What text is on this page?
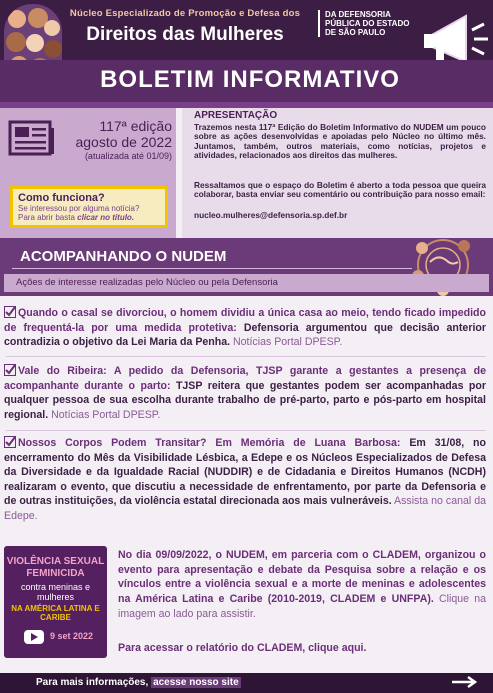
Núcleo Especializado de Promoção e Defesa dos
Direitos das Mulheres
DA DEFENSORIA PÚBLICA DO ESTADO DE SÃO PAULO
BOLETIM INFORMATIVO
117ª edição
agosto de 2022
(atualizada até 01/09)
Como funciona?
Se interessou por alguma notícia?
Para abrir basta clicar no título.
APRESENTAÇÃO
Trazemos nesta 117ª Edição do Boletim Informativo do NUDEM um pouco sobre as ações desenvolvidas e apoiadas pelo Núcleo no último mês. Juntamos, também, outros materiais, como notícias, projetos e atividades, relacionados aos direitos das mulheres.
Ressaltamos que o espaço do Boletim é aberto a toda pessoa que queira colaborar, basta enviar seu comentário ou contribuição para nosso email:
nucleo.mulheres@defensoria.sp.def.br
ACOMPANHANDO O NUDEM
Ações de interesse realizadas pelo Núcleo ou pela Defensoria
Quando o casal se divorciou, o homem dividiu a única casa ao meio, tendo ficado impedido de frequentá-la por uma medida protetiva: Defensoria argumentou que decisão anterior contradizia o objetivo da Lei Maria da Penha. Notícias Portal DPESP.
Vale do Ribeira: A pedido da Defensoria, TJSP garante a gestantes a presença de acompanhante durante o parto: TJSP reitera que gestantes podem ser acompanhadas por qualquer pessoa de sua escolha durante trabalho de pré-parto, parto e pós-parto em hospital regional. Notícias Portal DPESP.
Nossos Corpos Podem Transitar? Em Memória de Luana Barbosa: Em 31/08, no encerramento do Mês da Visibilidade Lésbica, a Edepe e os Núcleos Especializados de Defesa da Diversidade e da Igualdade Racial (NUDDIR) e de Cidadania e Direitos Humanos (NCDH) realizaram o evento, que discutiu a necessidade de enfrentamento, por parte da Defensoria e de outras instituições, da violência estatal direcionada aos mais vulneráveis. Assista no canal da Edepe.
VIOLÊNCIA SEXUAL FEMINICIDA
contra meninas e mulheres
NA AMÉRICA LATINA E CARIBE
9 set 2022
No dia 09/09/2022, o NUDEM, em parceria com o CLADEM, organizou o evento para apresentação e debate da Pesquisa sobre a relação e os vínculos entre a violência sexual e a morte de meninas e adolescentes na América Latina e Caribe (2010-2019, CLADEM e UNFPA). Clique na imagem ao lado para assistir.
Para acessar o relatório do CLADEM, clique aqui.
Para mais informações, acesse nosso site
